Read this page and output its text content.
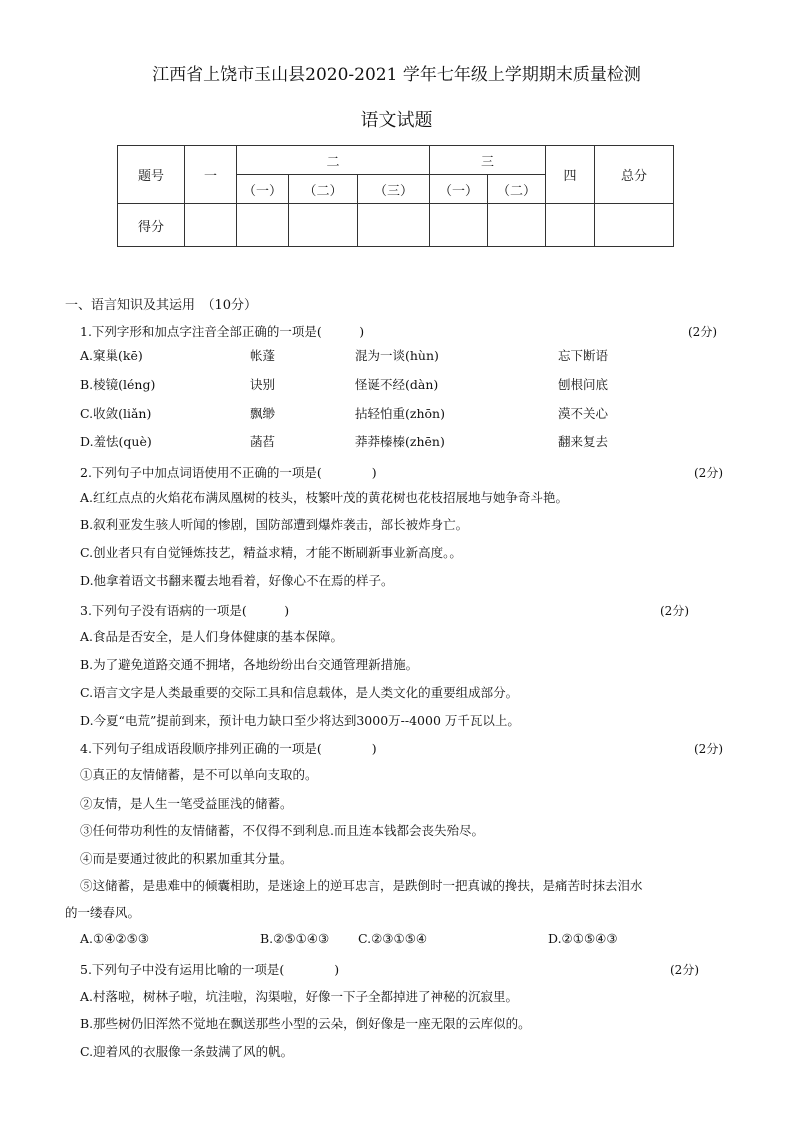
江西省上饶市玉山县2020-2021 学年七年级上学期期末质量检测
语文试题
题号	一	二			三		四	总分
		（一）	（二）	（三）	（一）	（二）		
得分								
一、语言知识及其运用　（10分）
1.下列字形和加点字注音全部正确的一项是(　　　)	(2分)
A.窠巢(kē)	帐蓬	混为一谈(hùn)	忘下断语
B.棱镜(léng)	诀别	怪诞不经(dàn)	刨根问底
C.收敛(liǎn)	飘缈	拈轻怕重(zhōn)	漠不关心
D.羞怯(què)	菡萏	莽莽榛榛(zhēn)	翻来复去
2.下列句子中加点词语使用不正确的一项是(　　　　)	(2分)
A.红红点点的火焰花布满凤凰树的枝头，枝繁叶茂的黄花树也花枝招展地与她争奇斗艳。
B.叙利亚发生骇人听闻的惨剧，国防部遭到爆炸袭击，部长被炸身亡。
C.创业者只有自觉锤炼技艺，精益求精，才能不断刷新事业新高度。。
D.他拿着语文书翻来覆去地看着，好像心不在焉的样子。
3.下列句子没有语病的一项是(　　　)	(2分)
A.食品是否安全，是人们身体健康的基本保障。
B.为了避免道路交通不拥堵，各地纷纷出台交通管理新措施。
C.语言文字是人类最重要的交际工具和信息载体，是人类文化的重要组成部分。
D.今夏“电荒”提前到来，预计电力缺口至少将达到3000万--4000 万千瓦以上。
4.下列句子组成语段顺序排列正确的一项是(　　　　)	(2分)
①真正的友情储蓄，是不可以单向支取的。
②友情，是人生一笔受益匪浅的储蓄。
③任何带功利性的友情储蓄，不仅得不到利息.而且连本钱都会丧失殆尽。
④而是要通过彼此的积累加重其分量。
⑤这储蓄，是患难中的倾囊相助，是迷途上的逆耳忠言，是跌倒时一把真诚的搀扶，是痛苦时抹去泪水
的一缕春风。
A.①④②⑤③	B.②⑤①④③ C.②③①⑤④	D.②①⑤④③
5.下列句子中没有运用比喻的一项是(　　　　)	(2分)
A.村落啦，树林子啦，坑洼啦，沟渠啦，好像一下子全都掉进了神秘的沉寂里。
B.那些树仍旧浑然不觉地在飘送那些小型的云朵，倒好像是一座无限的云库似的。
C.迎着风的衣服像一条鼓满了风的帆。
